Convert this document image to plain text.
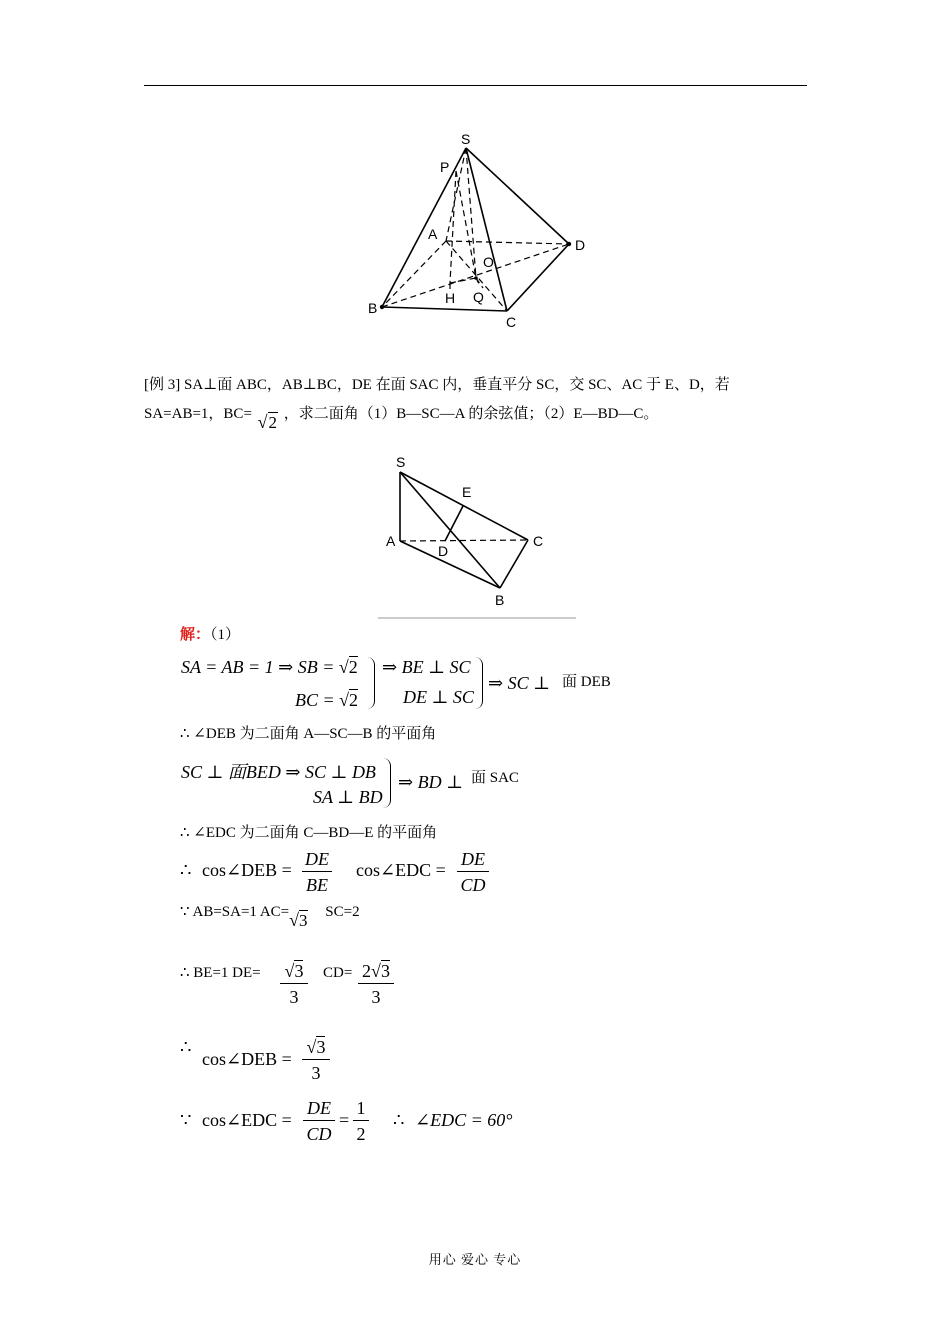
S
P
A
O
D
B
H Q
C
[例 3] SA⊥面 ABC，AB⊥BC，DE 在面 SAC 内，垂直平分 SC，交 SC、AC 于 E、D，若
SA=AB=1，BC= √2 ，求二面角（1）B—SC—A 的余弦值；（2）E—BD—C。
S
E
A
D
C
B
解：（1）
SA = AB = 1 ⇒ SB = √2 ⇒ BE ⊥ SC
BC = √2 DE ⊥ SC
⇒ SC ⊥ 面 DEB
∴ ∠DEB 为二面角 A—SC—B 的平面角
SC ⊥ 面BED ⇒ SC ⊥ DB
SA ⊥ BD
⇒ BD ⊥ 面 SAC
∴ ∠EDC 为二面角 C—BD—E 的平面角
∴ cos∠DEB =
DE
BE
cos∠EDC =
DE
CD
∵ AB=SA=1 AC=√3 SC=2
∴ BE=1 DE= √3
3
CD= 2√3
3
∴
cos∠DEB =
√3
3
∵ cos∠EDC =
DE
CD
=
1
2
∴ ∠EDC = 60°
用心 爱心 专心
